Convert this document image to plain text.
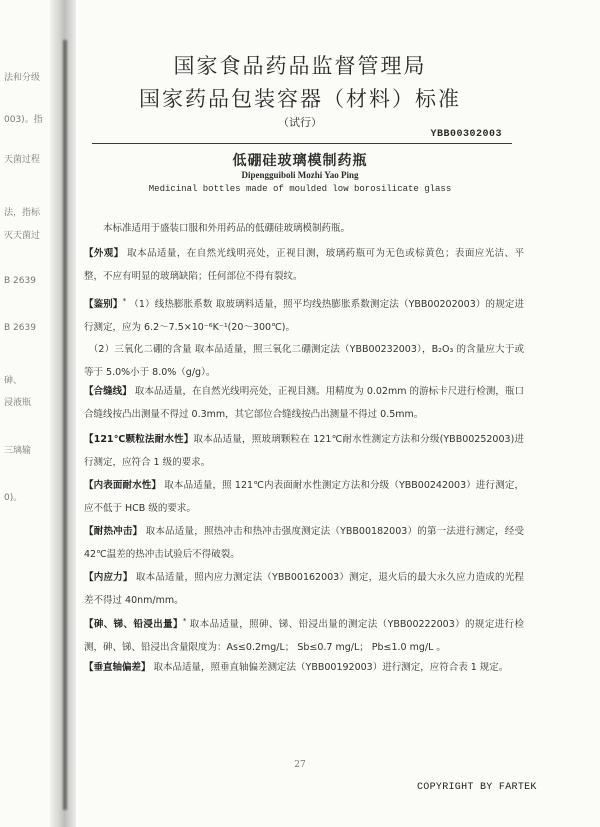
法和分级
003)。指
天菌过程
法，指标
灭天菌过
B 2639
B 2639
砷、
浸液瓶
三璃输
0)。
国家食品药品监督管理局
国家药品包装容器（材料）标准
（试行）
YBB00302003
低硼硅玻璃模制药瓶
Dipengguiboli Mozhi Yao Ping
Medicinal bottles made of moulded low borosilicate glass
本标准适用于盛装口服和外用药品的低硼硅玻璃模制药瓶。
【外观】 取本品适量，在自然光线明亮处，正视目测，玻璃药瓶可为无色或棕黄色；表面应光洁、平整，不应有明显的玻璃缺陷；任何部位不得有裂纹。
【鉴别】* （1）线热膨胀系数 取玻璃料适量，照平均线热膨胀系数测定法（YBB00202003）的规定进行测定，应为 6.2～7.5×10⁻⁶K⁻¹(20～300℃)。
（2）三氧化二硼的含量 取本品适量，照三氧化二硼测定法（YBB00232003），B₂O₃ 的含量应大于或等于 5.0%小于 8.0%（g/g）。
【合缝线】 取本品适量，在自然光线明亮处，正视目测。用精度为 0.02mm 的游标卡尺进行检测，瓶口合缝线按凸出测量不得过 0.3mm，其它部位合缝线按凸出测量不得过 0.5mm。
【121℃颗粒法耐水性】取本品适量，照玻璃颗粒在 121℃耐水性测定方法和分级(YBB00252003)进行测定，应符合 1 级的要求。
【内表面耐水性】 取本品适量，照 121℃内表面耐水性测定方法和分级（YBB00242003）进行测定，应不低于 HCB 级的要求。
【耐热冲击】 取本品适量，照热冲击和热冲击强度测定法（YBB00182003）的第一法进行测定，经受 42℃温差的热冲击试验后不得破裂。
【内应力】 取本品适量，照内应力测定法（YBB00162003）测定，退火后的最大永久应力造成的光程差不得过 40nm/mm。
【砷、锑、铅浸出量】* 取本品适量，照砷、锑、铅浸出量的测定法（YBB00222003）的规定进行检测，砷、锑、铅浸出含量限度为：As≤0.2mg/L； Sb≤0.7 mg/L； Pb≤1.0 mg/L 。
【垂直轴偏差】 取本品适量，照垂直轴偏差测定法（YBB00192003）进行测定，应符合表 1 规定。
27
COPYRIGHT BY FARTEK
